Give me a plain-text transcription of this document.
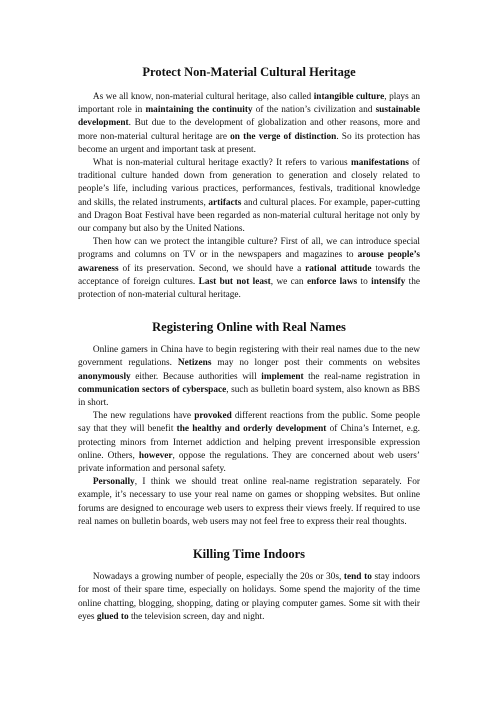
Protect Non-Material Cultural Heritage

As we all know, non-material cultural heritage, also called intangible culture, plays an important role in maintaining the continuity of the nation’s civilization and sustainable development. But due to the development of globalization and other reasons, more and more non-material cultural heritage are on the verge of distinction. So its protection has become an urgent and important task at present.

What is non-material cultural heritage exactly? It refers to various manifestations of traditional culture handed down from generation to generation and closely related to people’s life, including various practices, performances, festivals, traditional knowledge and skills, the related instruments, artifacts and cultural places. For example, paper-cutting and Dragon Boat Festival have been regarded as non-material cultural heritage not only by our company but also by the United Nations.

Then how can we protect the intangible culture? First of all, we can introduce special programs and columns on TV or in the newspapers and magazines to arouse people’s awareness of its preservation. Second, we should have a rational attitude towards the acceptance of foreign cultures. Last but not least, we can enforce laws to intensify the protection of non-material cultural heritage.

Registering Online with Real Names

Online gamers in China have to begin registering with their real names due to the new government regulations. Netizens may no longer post their comments on websites anonymously either. Because authorities will implement the real-name registration in communication sectors of cyberspace, such as bulletin board system, also known as BBS in short.

The new regulations have provoked different reactions from the public. Some people say that they will benefit the healthy and orderly development of China’s Internet, e.g. protecting minors from Internet addiction and helping prevent irresponsible expression online. Others, however, oppose the regulations. They are concerned about web users’ private information and personal safety.

Personally, I think we should treat online real-name registration separately. For example, it’s necessary to use your real name on games or shopping websites. But online forums are designed to encourage web users to express their views freely. If required to use real names on bulletin boards, web users may not feel free to express their real thoughts.

Killing Time Indoors

Nowadays a growing number of people, especially the 20s or 30s, tend to stay indoors for most of their spare time, especially on holidays. Some spend the majority of the time online chatting, blogging, shopping, dating or playing computer games. Some sit with their eyes glued to the television screen, day and night.
